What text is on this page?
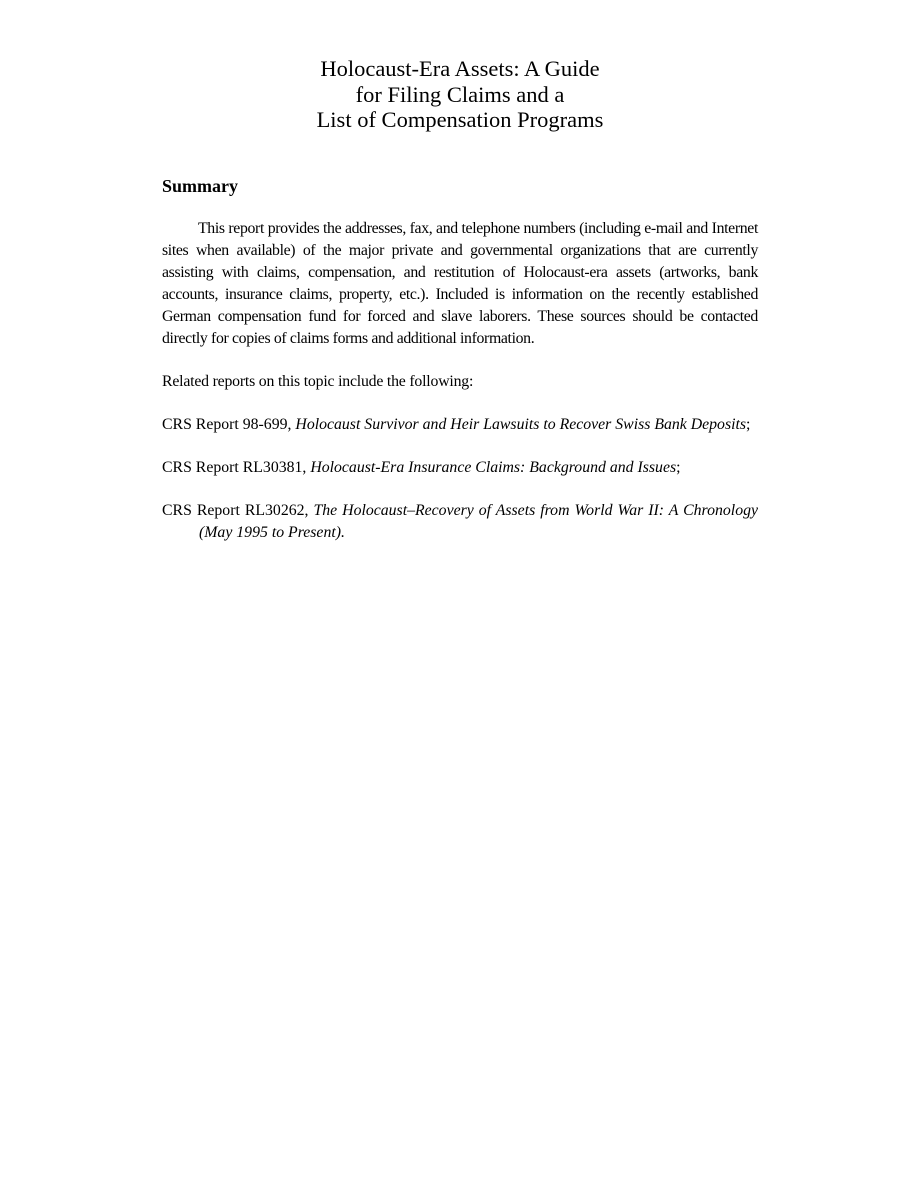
Holocaust-Era Assets: A Guide
for Filing Claims and a
List of Compensation Programs
Summary

This report provides the addresses, fax, and telephone numbers (including e-mail and Internet sites when available) of the major private and governmental organizations that are currently assisting with claims, compensation, and restitution of Holocaust-era assets (artworks, bank accounts, insurance claims, property, etc.). Included is information on the recently established German compensation fund for forced and slave laborers. These sources should be contacted directly for copies of claims forms and additional information.

Related reports on this topic include the following:

CRS Report 98-699, Holocaust Survivor and Heir Lawsuits to Recover Swiss Bank Deposits;

CRS Report RL30381, Holocaust-Era Insurance Claims: Background and Issues;

CRS Report RL30262, The Holocaust–Recovery of Assets from World War II: A Chronology (May 1995 to Present).
